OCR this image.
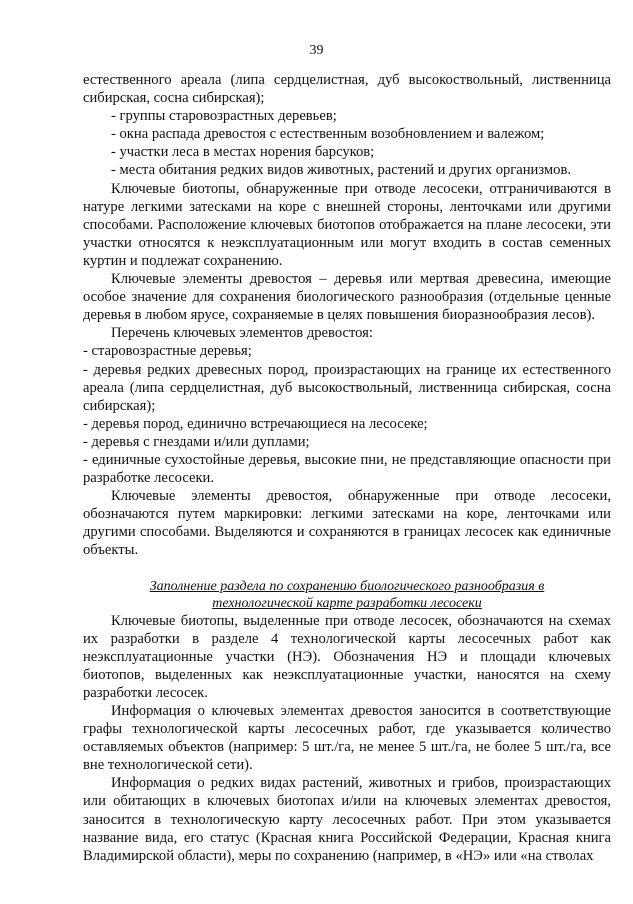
39

естественного ареала (липа сердцелистная, дуб высокоствольный, лиственница сибирская, сосна сибирская);

- группы старовозрастных деревьев;

- окна распада древостоя с естественным возобновлением и валежом;

- участки леса в местах норения барсуков;

- места обитания редких видов животных, растений и других организмов.

Ключевые биотопы, обнаруженные при отводе лесосеки, отграничиваются в натуре легкими затесками на коре с внешней стороны, ленточками или другими способами. Расположение ключевых биотопов отображается на плане лесосеки, эти участки относятся к неэксплуатационным или могут входить в состав семенных куртин и подлежат сохранению.

Ключевые элементы древостоя – деревья или мертвая древесина, имеющие особое значение для сохранения биологического разнообразия (отдельные ценные деревья в любом ярусе, сохраняемые в целях повышения биоразнообразия лесов).

Перечень ключевых элементов древостоя:

- старовозрастные деревья;

- деревья редких древесных пород, произрастающих на границе их естественного ареала (липа сердцелистная, дуб высокоствольный, лиственница сибирская, сосна сибирская);

- деревья пород, единично встречающиеся на лесосеке;

- деревья с гнездами и/или дуплами;

- единичные сухостойные деревья, высокие пни, не представляющие опасности при разработке лесосеки.

Ключевые элементы древостоя, обнаруженные при отводе лесосеки, обозначаются путем маркировки: легкими затесками на коре, ленточками или другими способами. Выделяются и сохраняются в границах лесосек как единичные объекты.

Заполнение раздела по сохранению биологического разнообразия в
технологической карте разработки лесосеки

Ключевые биотопы, выделенные при отводе лесосек, обозначаются на схемах их разработки в разделе 4 технологической карты лесосечных работ как неэксплуатационные участки (НЭ). Обозначения НЭ и площади ключевых биотопов, выделенных как неэксплуатационные участки, наносятся на схему разработки лесосек.

Информация о ключевых элементах древостоя заносится в соответствующие графы технологической карты лесосечных работ, где указывается количество оставляемых объектов (например: 5 шт./га, не менее 5 шт./га, не более 5 шт./га, все вне технологической сети).

Информация о редких видах растений, животных и грибов, произрастающих или обитающих в ключевых биотопах и/или на ключевых элементах древостоя, заносится в технологическую карту лесосечных работ. При этом указывается название вида, его статус (Красная книга Российской Федерации, Красная книга Владимирской области), меры по сохранению (например, в «НЭ» или «на стволах
